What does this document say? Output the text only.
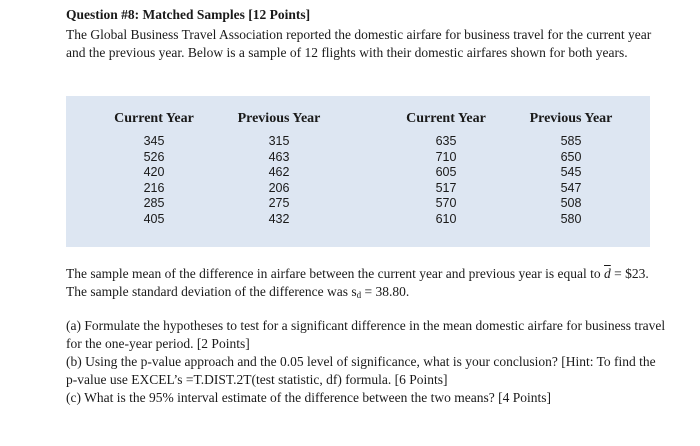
Question #8: Matched Samples [12 Points]
The Global Business Travel Association reported the domestic airfare for business travel for the current year and the previous year. Below is a sample of 12 flights with their domestic airfares shown for both years.
Current Year
345
526
420
216
285
405
Previous Year
315
463
462
206
275
432
Current Year
635
710
605
517
570
610
Previous Year
585
650
545
547
508
580
The sample mean of the difference in airfare between the current year and previous year is equal to $\overline{d}$ = $23. The sample standard deviation of the difference was $s_d = 38.80$.
(a) Formulate the hypotheses to test for a significant difference in the mean domestic airfare for business travel for the one-year period. [2 Points]
(b) Using the p-value approach and the 0.05 level of significance, what is your conclusion? [Hint: To find the p-value use EXCEL’s =T.DIST.2T(test statistic, df) formula. [6 Points]
(c) What is the 95% interval estimate of the difference between the two means? [4 Points]
